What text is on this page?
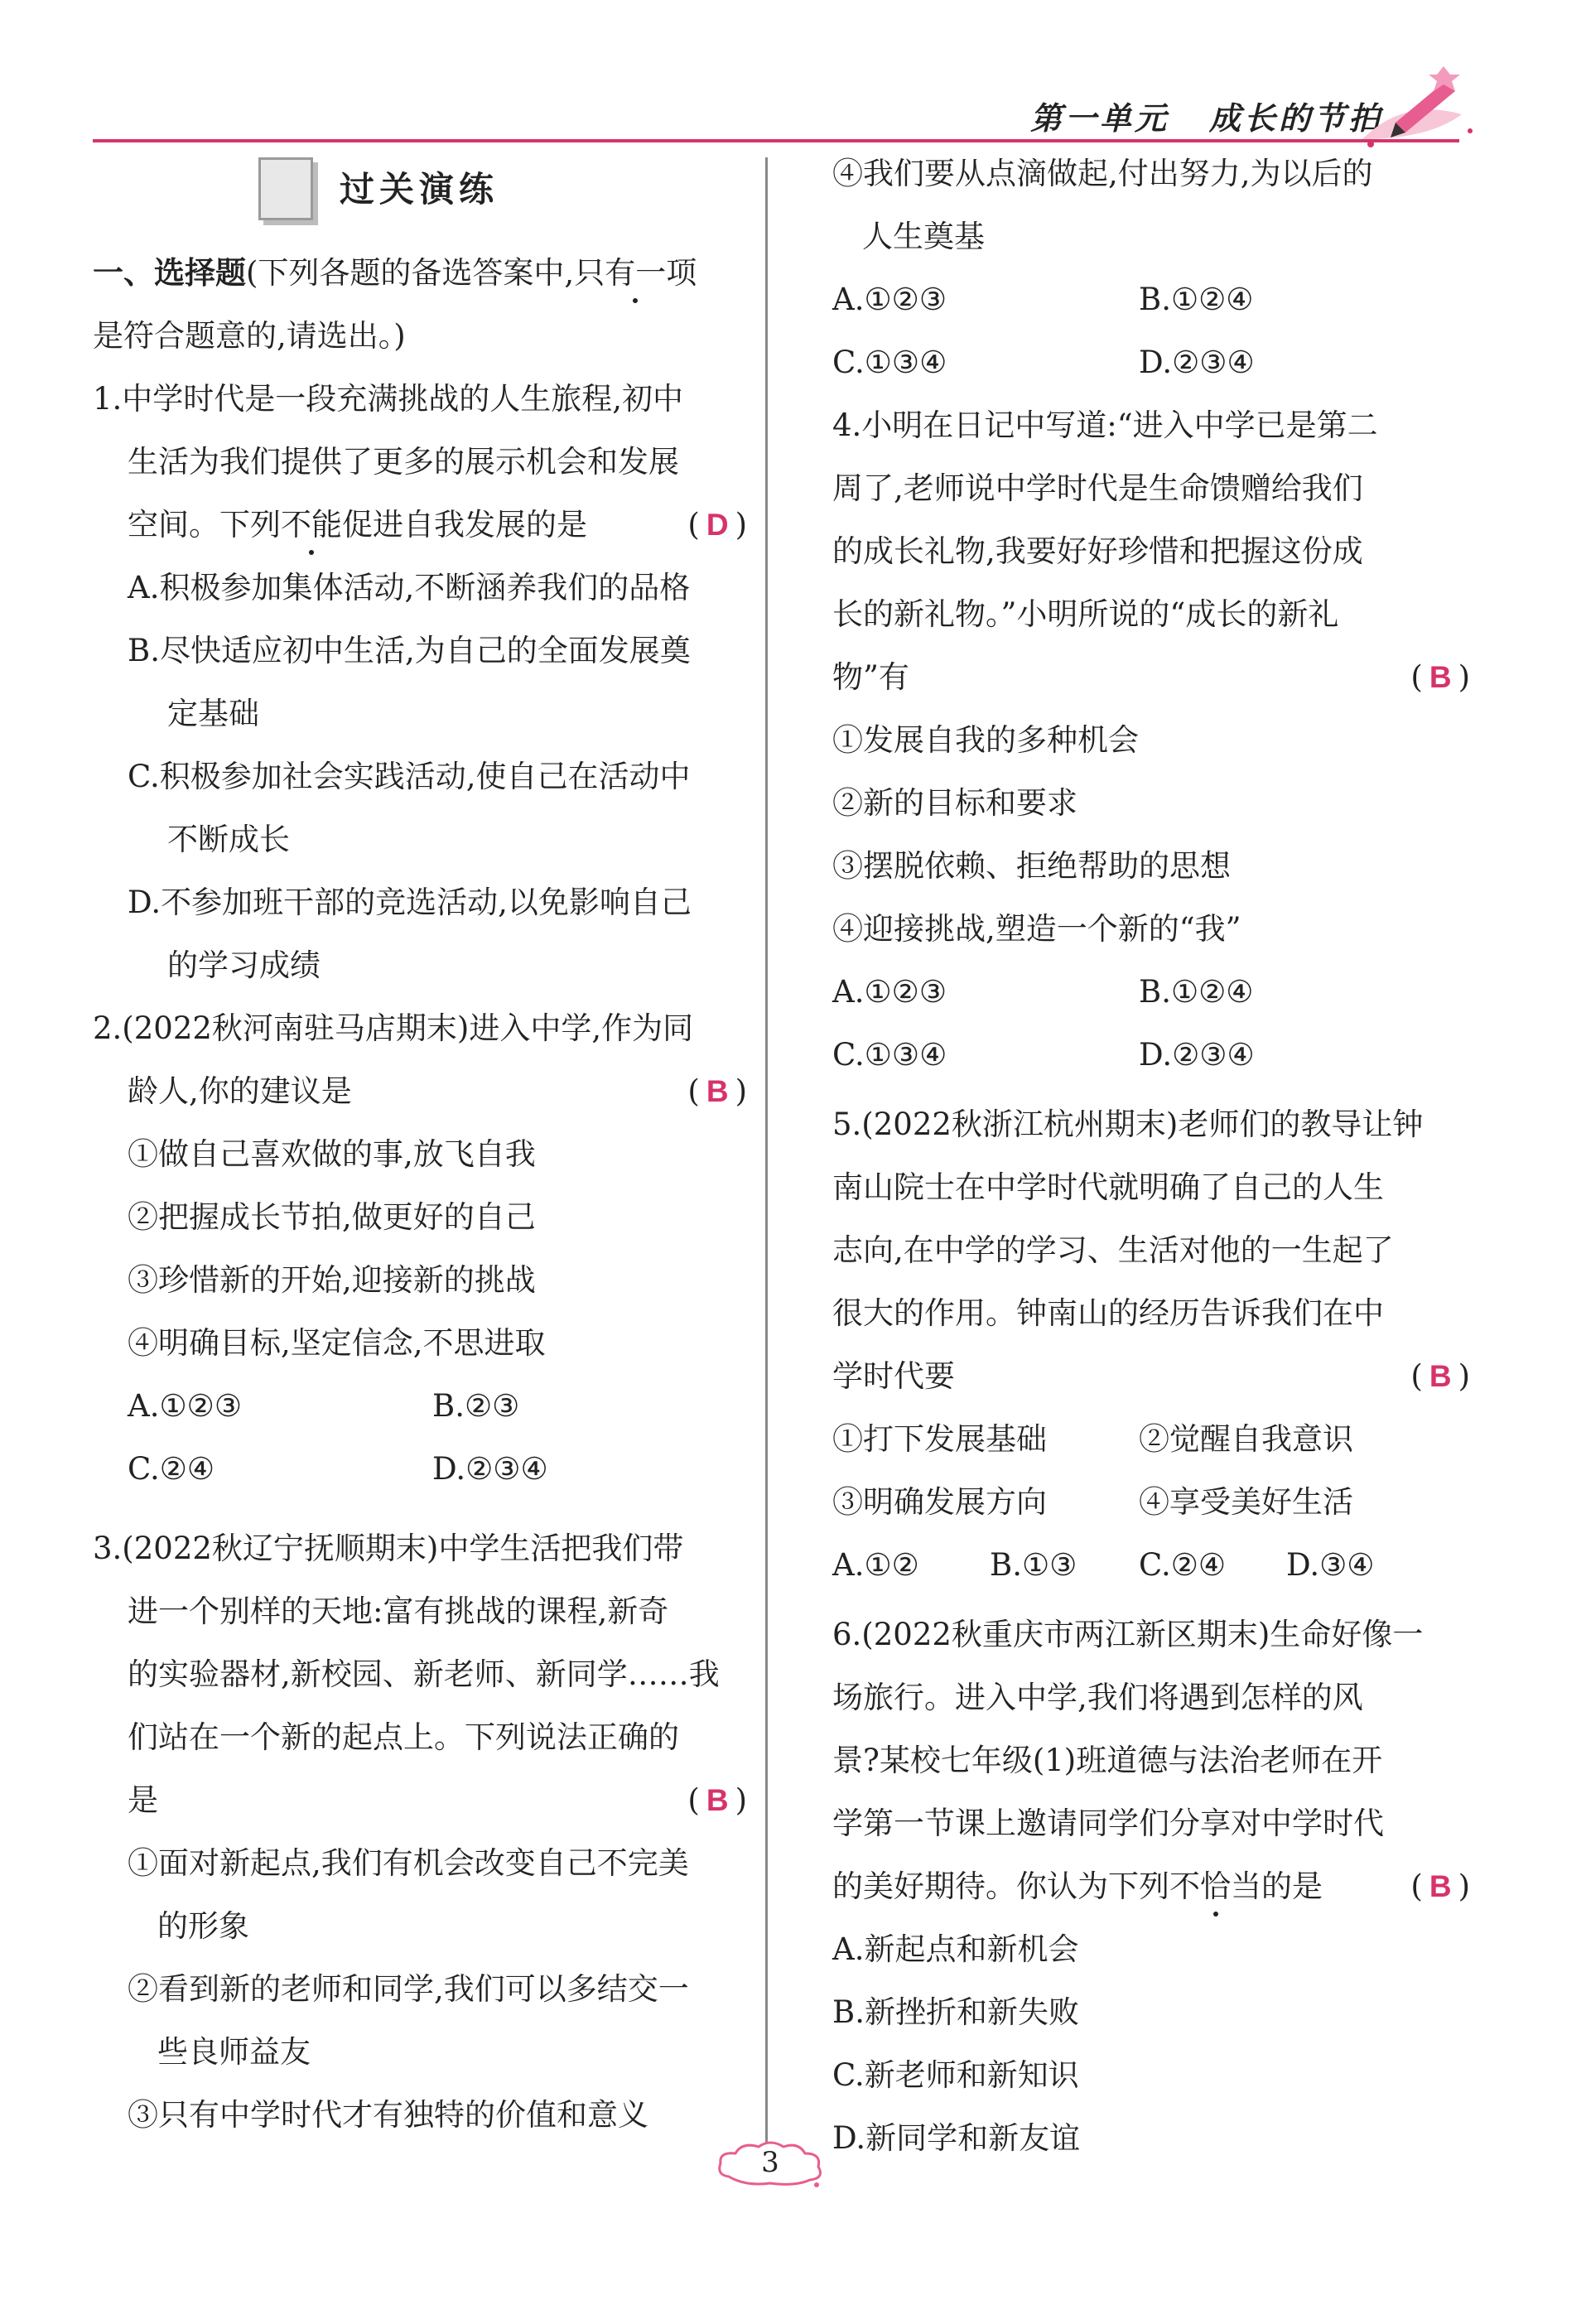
第一单元 成长的节拍
过关演练
一、选择题(下列各题的备选答案中,只有一项
是符合题意的,请选出。)
1.中学时代是一段充满挑战的人生旅程,初中
生活为我们提供了更多的展示机会和发展
空间。下列不能促进自我发展的是	( D )
A.积极参加集体活动,不断涵养我们的品格
B.尽快适应初中生活,为自己的全面发展奠
定基础
C.积极参加社会实践活动,使自己在活动中
不断成长
D.不参加班干部的竞选活动,以免影响自己
的学习成绩
2.(2022秋河南驻马店期末)进入中学,作为同
龄人,你的建议是	( B )
①做自己喜欢做的事,放飞自我
②把握成长节拍,做更好的自己
③珍惜新的开始,迎接新的挑战
④明确目标,坚定信念,不思进取
A.①②③	B.②③
C.②④	D.②③④
3.(2022秋辽宁抚顺期末)中学生活把我们带
进一个别样的天地:富有挑战的课程,新奇
的实验器材,新校园、新老师、新同学……我
们站在一个新的起点上。下列说法正确的
是	( B )
①面对新起点,我们有机会改变自己不完美
的形象
②看到新的老师和同学,我们可以多结交一
些良师益友
③只有中学时代才有独特的价值和意义
④我们要从点滴做起,付出努力,为以后的
人生奠基
A.①②③	B.①②④
C.①③④	D.②③④
4.小明在日记中写道:“进入中学已是第二
周了,老师说中学时代是生命馈赠给我们
的成长礼物,我要好好珍惜和把握这份成
长的新礼物。”小明所说的“成长的新礼
物”有	( B )
①发展自我的多种机会
②新的目标和要求
③摆脱依赖、拒绝帮助的思想
④迎接挑战,塑造一个新的“我”
A.①②③	B.①②④
C.①③④	D.②③④
5.(2022秋浙江杭州期末)老师们的教导让钟
南山院士在中学时代就明确了自己的人生
志向,在中学的学习、生活对他的一生起了
很大的作用。钟南山的经历告诉我们在中
学时代要	( B )
①打下发展基础	②觉醒自我意识
③明确发展方向	④享受美好生活
A.①② B.①③ C.②④ D.③④
6.(2022秋重庆市两江新区期末)生命好像一
场旅行。进入中学,我们将遇到怎样的风
景?某校七年级(1)班道德与法治老师在开
学第一节课上邀请同学们分享对中学时代
的美好期待。你认为下列不恰当的是	( B )
A.新起点和新机会
B.新挫折和新失败
C.新老师和新知识
D.新同学和新友谊
3
